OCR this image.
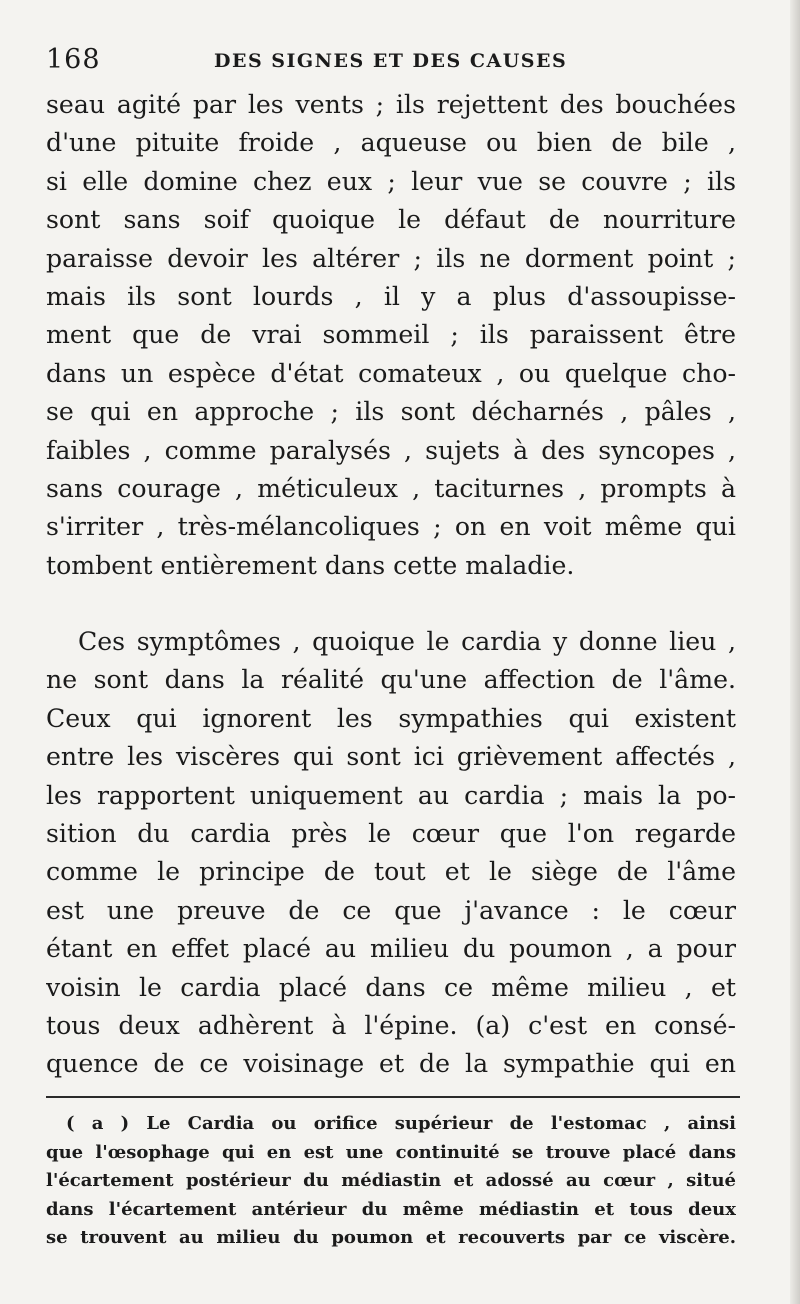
168	DES SIGNES ET DES CAUSES
seau agité par les vents ; ils rejettent des bouchées
d'une pituite froide , aqueuse ou bien de bile ,
si elle domine chez eux ; leur vue se couvre ; ils
sont sans soif quoique le défaut de nourriture
paraisse devoir les altérer ; ils ne dorment point ;
mais ils sont lourds , il y a plus d'assoupisse-
ment que de vrai sommeil ; ils paraissent être
dans un espèce d'état comateux , ou quelque cho-
se qui en approche ; ils sont décharnés , pâles ,
faibles , comme paralysés , sujets à des syncopes ,
sans courage , méticuleux , taciturnes , prompts à
s'irriter , très-mélancoliques ; on en voit même qui
tombent entièrement dans cette maladie.
Ces symptômes , quoique le cardia y donne lieu ,
ne sont dans la réalité qu'une affection de l'âme.
Ceux qui ignorent les sympathies qui existent
entre les viscères qui sont ici grièvement affectés ,
les rapportent uniquement au cardia ; mais la po-
sition du cardia près le cœur que l'on regarde
comme le principe de tout et le siège de l'âme
est une preuve de ce que j'avance : le cœur
étant en effet placé au milieu du poumon , a pour
voisin le cardia placé dans ce même milieu , et
tous deux adhèrent à l'épine. (a) c'est en consé-
quence de ce voisinage et de la sympathie qui en
( a ) Le Cardia ou orifice supérieur de l'estomac , ainsi
que l'œsophage qui en est une continuité se trouve placé dans
l'écartement postérieur du médiastin et adossé au cœur , situé
dans l'écartement antérieur du même médiastin et tous deux
se trouvent au milieu du poumon et recouverts par ce viscère.
